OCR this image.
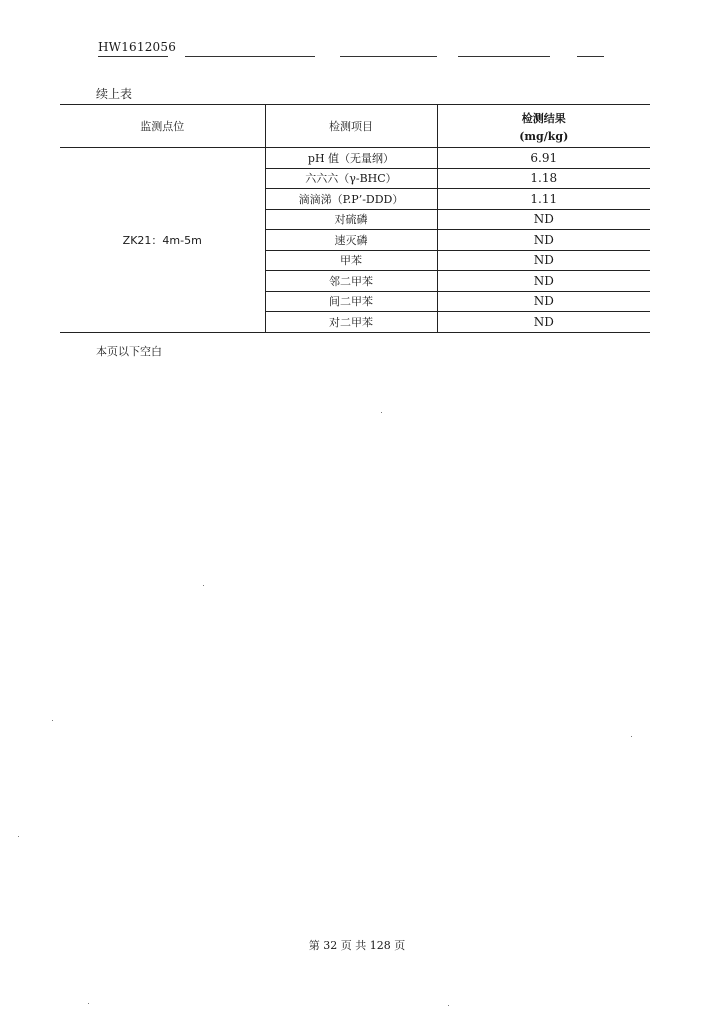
HW1612056
续上表
监测点位	检测项目	检测结果
(mg/kg)

ZK21：4m-5m	pH 值（无量纲）	6.91
	六六六（γ-BHC）	1.18
	滴滴涕（P.P’-DDD）	1.11
	对硫磷	ND
	速灭磷	ND
	甲苯	ND
	邻二甲苯	ND
	间二甲苯	ND
	对二甲苯	ND
本页以下空白
第 32 页 共 128 页
